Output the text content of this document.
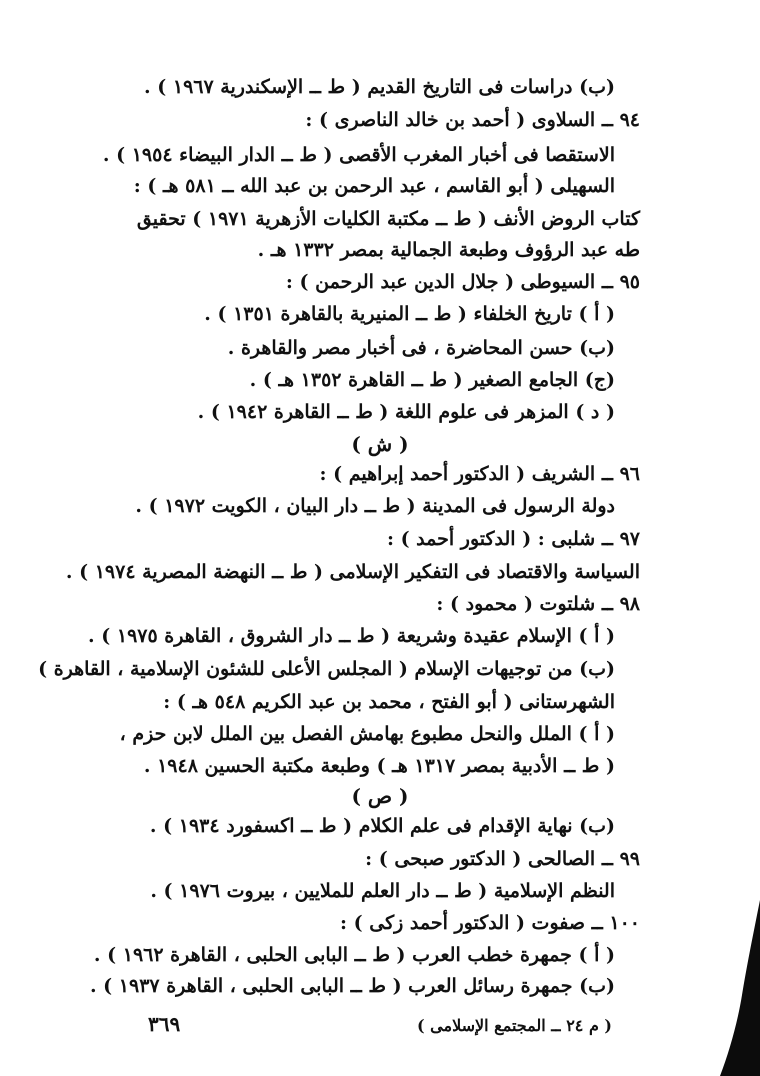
(ب) دراسات فى التاريخ القديم ( ط ــ الإسكندرية ١٩٦٧ ) .
٩٤ ــ السلاوى ( أحمد بن خالد الناصرى ) :
الاستقصا فى أخبار المغرب الأقصى ( ط ــ الدار البيضاء ١٩٥٤ ) .
السهيلى ( أبو القاسم ، عبد الرحمن بن عبد الله ــ ٥٨١ هـ ) :
كتاب الروض الأنف ( ط ــ مكتبة الكليات الأزهرية ١٩٧١ ) تحقيق
طه عبد الرؤوف وطبعة الجمالية بمصر ١٣٣٢ هـ .
٩٥ ــ السيوطى ( جلال الدين عبد الرحمن ) :
( أ ) تاريخ الخلفاء ( ط ــ المنيرية بالقاهرة ١٣٥١ ) .
(ب) حسن المحاضرة ، فى أخبار مصر والقاهرة .
(ج) الجامع الصغير ( ط ــ القاهرة ١٣٥٢ هـ ) .
( د ) المزهر فى علوم اللغة ( ط ــ القاهرة ١٩٤٢ ) .
( ش )
٩٦ ــ الشريف ( الدكتور أحمد إبراهيم ) :
دولة الرسول فى المدينة ( ط ــ دار البيان ، الكويت ١٩٧٢ ) .
٩٧ ــ شلبى : ( الدكتور أحمد ) :
السياسة والاقتصاد فى التفكير الإسلامى ( ط ــ النهضة المصرية ١٩٧٤ ) .
٩٨ ــ شلتوت ( محمود ) :
( أ ) الإسلام عقيدة وشريعة ( ط ــ دار الشروق ، القاهرة ١٩٧٥ ) .
(ب) من توجيهات الإسلام ( المجلس الأعلى للشئون الإسلامية ، القاهرة )
الشهرستانى ( أبو الفتح ، محمد بن عبد الكريم ٥٤٨ هـ ) :
( أ ) الملل والنحل مطبوع بهامش الفصل بين الملل لابن حزم ،
( ط ــ الأدبية بمصر ١٣١٧ هـ ) وطبعة مكتبة الحسين ١٩٤٨ .
( ص )
(ب) نهاية الإقدام فى علم الكلام ( ط ــ اكسفورد ١٩٣٤ ) .
٩٩ ــ الصالحى ( الدكتور صبحى ) :
النظم الإسلامية ( ط ــ دار العلم للملايين ، بيروت ١٩٧٦ ) .
١٠٠ ــ صفوت ( الدكتور أحمد زكى ) :
( أ ) جمهرة خطب العرب ( ط ــ البابى الحلبى ، القاهرة ١٩٦٢ ) .
(ب) جمهرة رسائل العرب ( ط ــ البابى الحلبى ، القاهرة ١٩٣٧ ) .
٣٦٩	( م ٢٤ ــ المجتمع الإسلامى )
